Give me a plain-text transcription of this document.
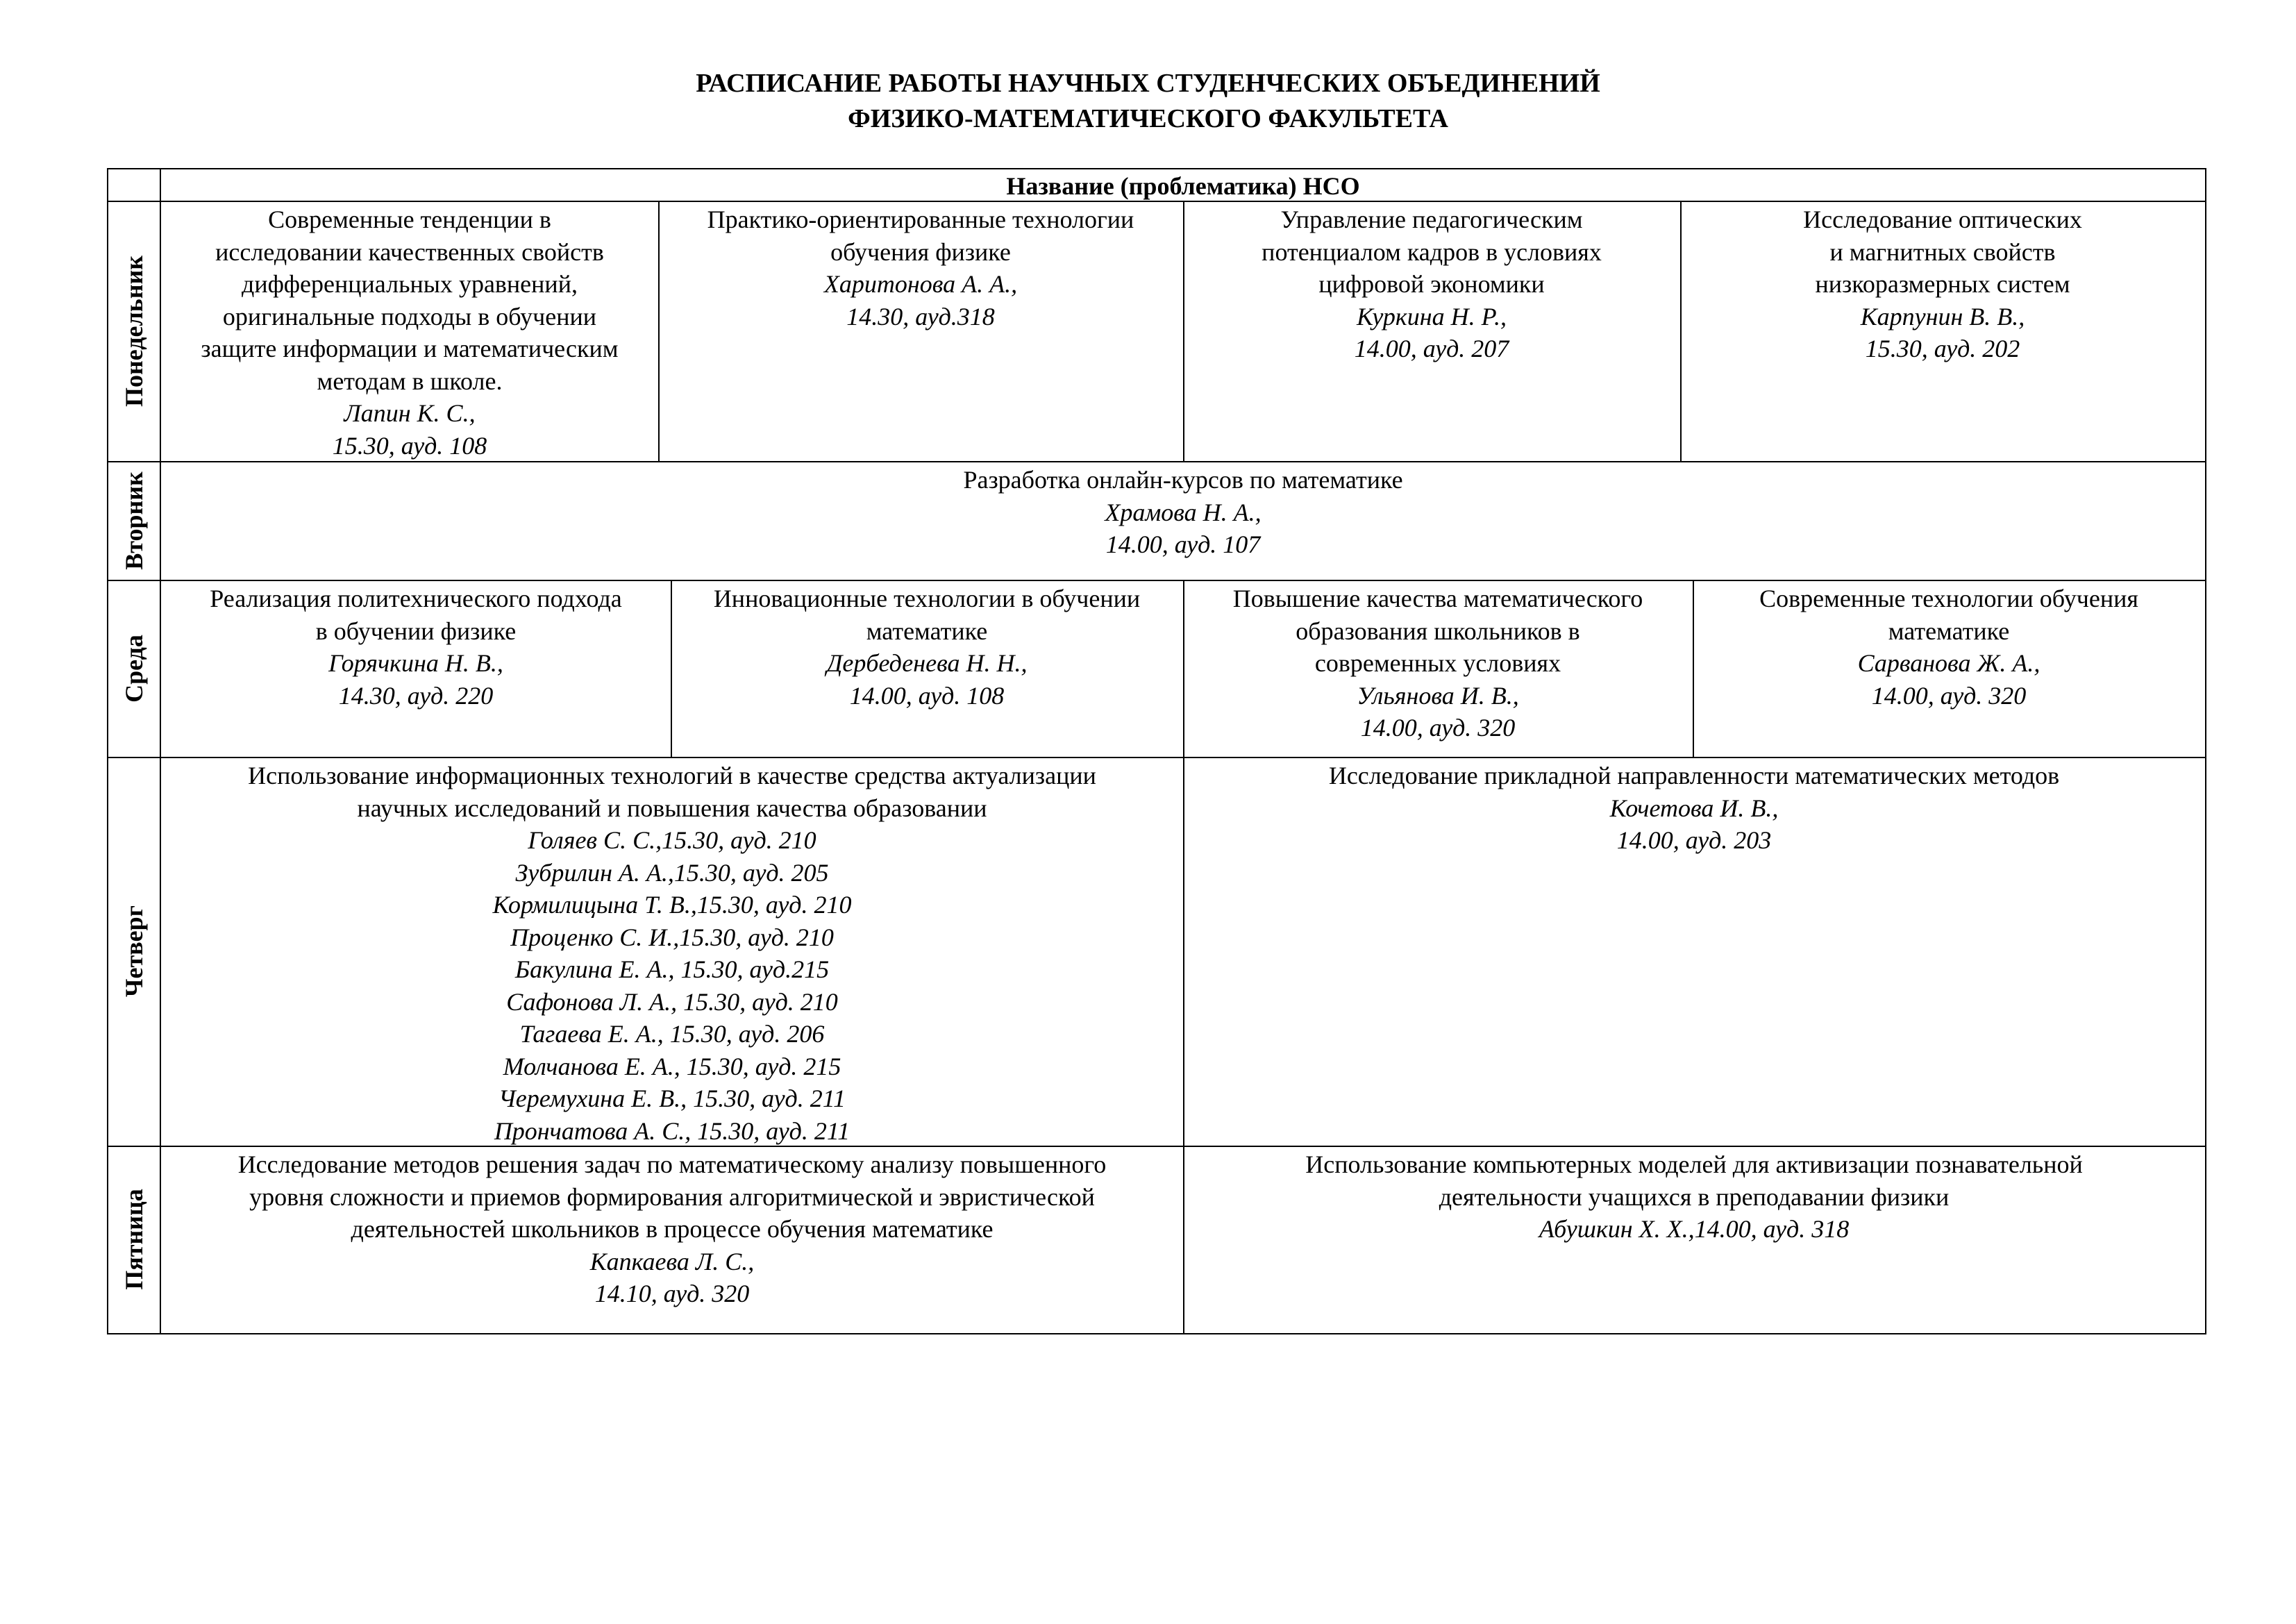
РАСПИСАНИЕ РАБОТЫ НАУЧНЫХ СТУДЕНЧЕСКИХ ОБЪЕДИНЕНИЙ
ФИЗИКО-МАТЕМАТИЧЕСКОГО ФАКУЛЬТЕТА
Название (проблематика) НСО
Понедельник
Вторник
Среда
Четверг
Пятница
Современные тенденции в
исследовании качественных свойств
дифференциальных уравнений,
оригинальные подходы в обучении
защите информации и математическим
методам в школе.
Лапин К. С.,
15.30, ауд. 108
Практико-ориентированные технологии
обучения физике
Харитонова А. А.,
14.30, ауд.318
Управление педагогическим
потенциалом кадров в условиях
цифровой экономики
Куркина Н. Р.,
14.00, ауд. 207
Исследование оптических
и магнитных свойств
низкоразмерных систем
Карпунин В. В.,
15.30, ауд. 202
Разработка онлайн-курсов по математике
Храмова Н. А.,
14.00, ауд. 107
Реализация политехнического подхода
в обучении физике
Горячкина Н. В.,
14.30, ауд. 220
Инновационные технологии в обучении
математике
Дербеденева Н. Н.,
14.00, ауд. 108
Повышение качества математического
образования школьников в
современных условиях
Ульянова И. В.,
14.00, ауд. 320
Современные технологии обучения
математике
Сарванова Ж. А.,
14.00, ауд. 320
Использование информационных технологий в качестве средства актуализации
научных исследований и повышения качества образовании
Голяев С. С.,15.30, ауд. 210
Зубрилин А. А.,15.30, ауд. 205
Кормилицына Т. В.,15.30, ауд. 210
Проценко С. И.,15.30, ауд. 210
Бакулина Е. А., 15.30, ауд.215
Сафонова Л. А., 15.30, ауд. 210
Тагаева Е. А., 15.30, ауд. 206
Молчанова Е. А., 15.30, ауд. 215
Черемухина Е. В., 15.30, ауд. 211
Прончатова А. С., 15.30, ауд. 211
Исследование прикладной направленности математических методов
Кочетова И. В.,
14.00, ауд. 203
Исследование методов решения задач по математическому анализу повышенного
уровня сложности и приемов формирования алгоритмической и эвристической
деятельностей школьников в процессе обучения математике
Капкаева Л. С.,
14.10, ауд. 320
Использование компьютерных моделей для активизации познавательной
деятельности учащихся в преподавании физики
Абушкин Х. Х.,14.00, ауд. 318
